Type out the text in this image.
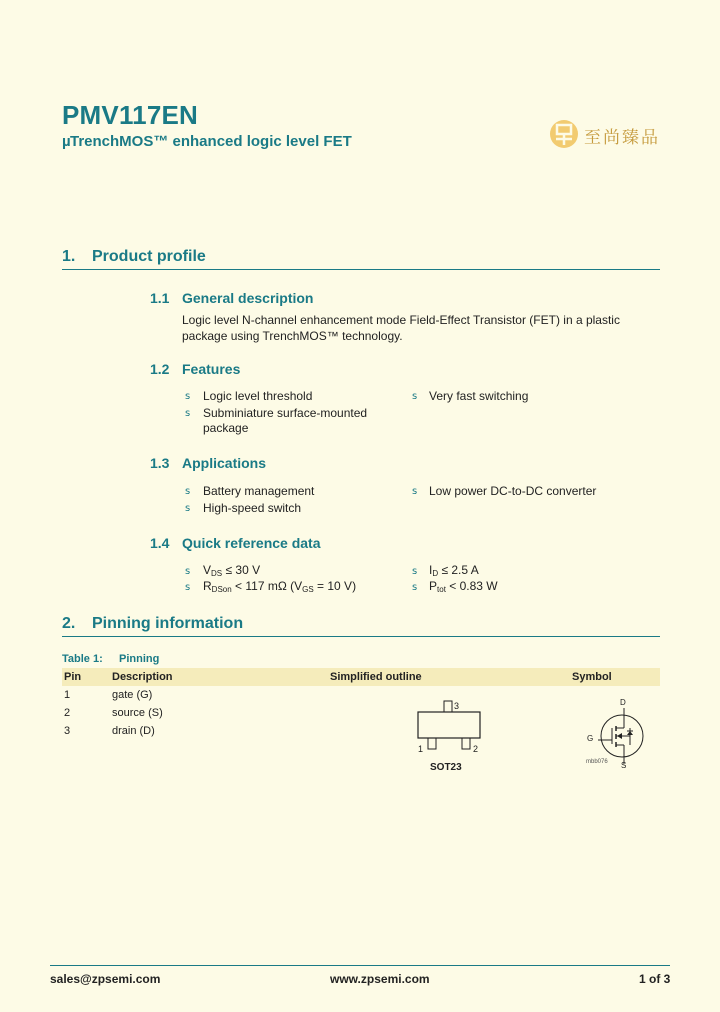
PMV117EN
µ TrenchMOS™ enhanced logic level FET	至尚臻品
1. Product profile
1.1 General description
Logic level N-channel enhancement mode Field-Effect Transistor (FET) in a plastic
package using TrenchMOS™ technology.
1.2 Features
s Logic level threshold
s Subminiature surface-mounted
package
s Very fast switching
1.3 Applications
s Battery management
s High-speed switch
s Low power DC-to-DC converter
1.4 Quick reference data
s $V_{DS} \le 30$ V
s $R_{DSon} < 117$ mΩ ($V_{GS} = 10$ V)
s $I_D \le 2.5$ A
s $P_{tot} < 0.83$ W
2. Pinning information
Table 1: Pinning
Pin	Description	Simplified outline	Symbol
1	gate (G)
2	source (S)
3	drain (D)
3
1	2
SOT23
D
G
S
mbb076
sales@zpsemi.com	www.zpsemi.com	1 of 3
